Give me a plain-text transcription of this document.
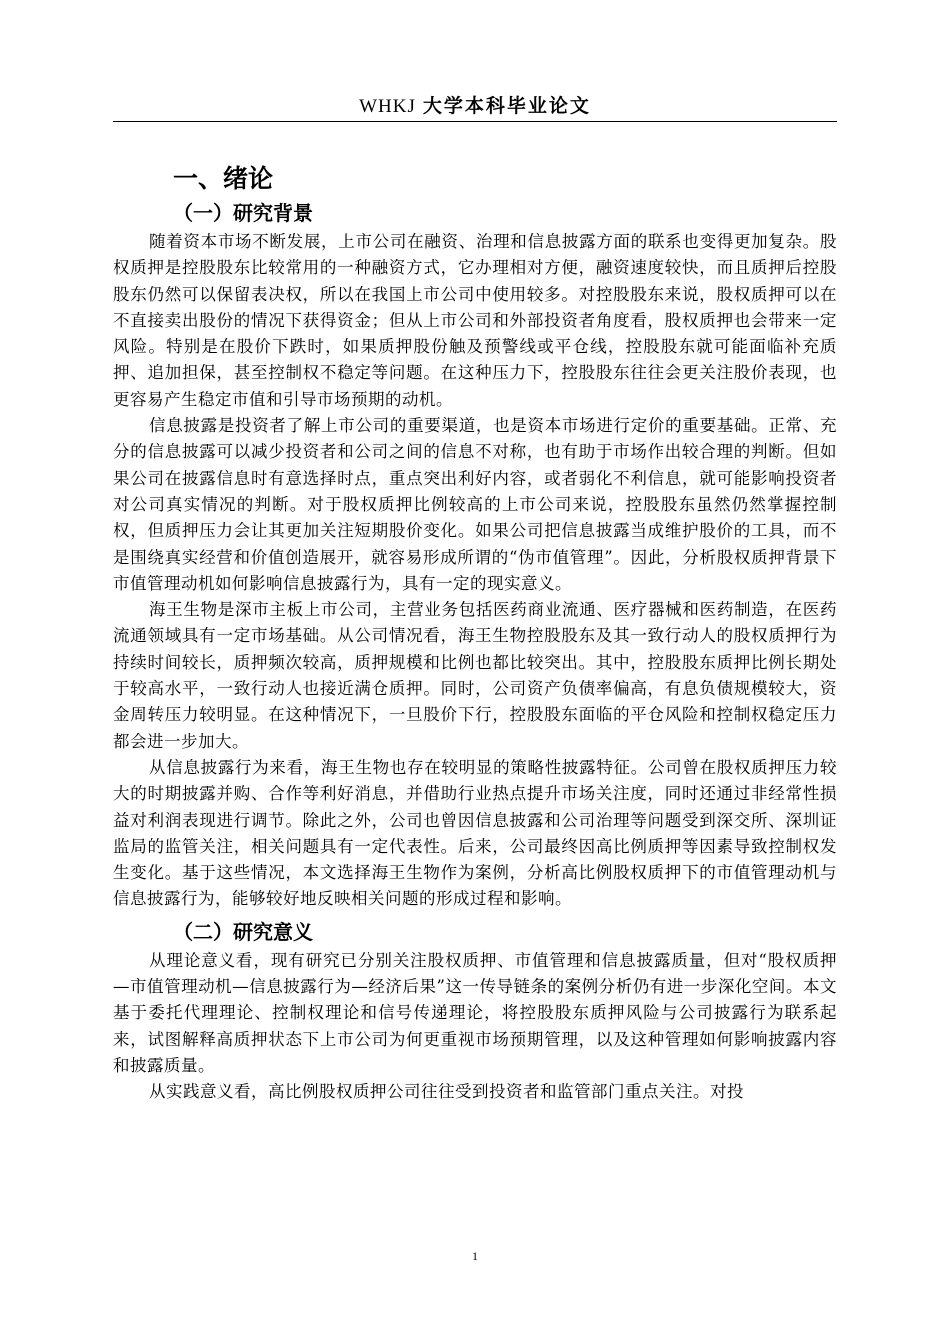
WHKJ 大学本科毕业论文
一、绪论
（一）研究背景

随着资本市场不断发展，上市公司在融资、治理和信息披露方面的联系也变得更加复杂。股权质押是控股股东比较常用的一种融资方式，它办理相对方便，融资速度较快，而且质押后控股股东仍然可以保留表决权，所以在我国上市公司中使用较多。对控股股东来说，股权质押可以在不直接卖出股份的情况下获得资金；但从上市公司和外部投资者角度看，股权质押也会带来一定风险。特别是在股价下跌时，如果质押股份触及预警线或平仓线，控股股东就可能面临补充质押、追加担保，甚至控制权不稳定等问题。在这种压力下，控股股东往往会更关注股价表现，也更容易产生稳定市值和引导市场预期的动机。

信息披露是投资者了解上市公司的重要渠道，也是资本市场进行定价的重要基础。正常、充分的信息披露可以减少投资者和公司之间的信息不对称，也有助于市场作出较合理的判断。但如果公司在披露信息时有意选择时点，重点突出利好内容，或者弱化不利信息，就可能影响投资者对公司真实情况的判断。对于股权质押比例较高的上市公司来说，控股股东虽然仍然掌握控制权，但质押压力会让其更加关注短期股价变化。如果公司把信息披露当成维护股价的工具，而不是围绕真实经营和价值创造展开，就容易形成所谓的“伪市值管理”。因此，分析股权质押背景下市值管理动机如何影响信息披露行为，具有一定的现实意义。

海王生物是深市主板上市公司，主营业务包括医药商业流通、医疗器械和医药制造，在医药流通领域具有一定市场基础。从公司情况看，海王生物控股股东及其一致行动人的股权质押行为持续时间较长，质押频次较高，质押规模和比例也都比较突出。其中，控股股东质押比例长期处于较高水平，一致行动人也接近满仓质押。同时，公司资产负债率偏高，有息负债规模较大，资金周转压力较明显。在这种情况下，一旦股价下行，控股股东面临的平仓风险和控制权稳定压力都会进一步加大。

从信息披露行为来看，海王生物也存在较明显的策略性披露特征。公司曾在股权质押压力较大的时期披露并购、合作等利好消息，并借助行业热点提升市场关注度，同时还通过非经常性损益对利润表现进行调节。除此之外，公司也曾因信息披露和公司治理等问题受到深交所、深圳证监局的监管关注，相关问题具有一定代表性。后来，公司最终因高比例质押等因素导致控制权发生变化。基于这些情况，本文选择海王生物作为案例，分析高比例股权质押下的市值管理动机与信息披露行为，能够较好地反映相关问题的形成过程和影响。

（二）研究意义

从理论意义看，现有研究已分别关注股权质押、市值管理和信息披露质量，但对“股权质押—市值管理动机—信息披露行为—经济后果”这一传导链条的案例分析仍有进一步深化空间。本文基于委托代理理论、控制权理论和信号传递理论，将控股股东质押风险与公司披露行为联系起来，试图解释高质押状态下上市公司为何更重视市场预期管理，以及这种管理如何影响披露内容和披露质量。

从实践意义看，高比例股权质押公司往往受到投资者和监管部门重点关注。对投

1
